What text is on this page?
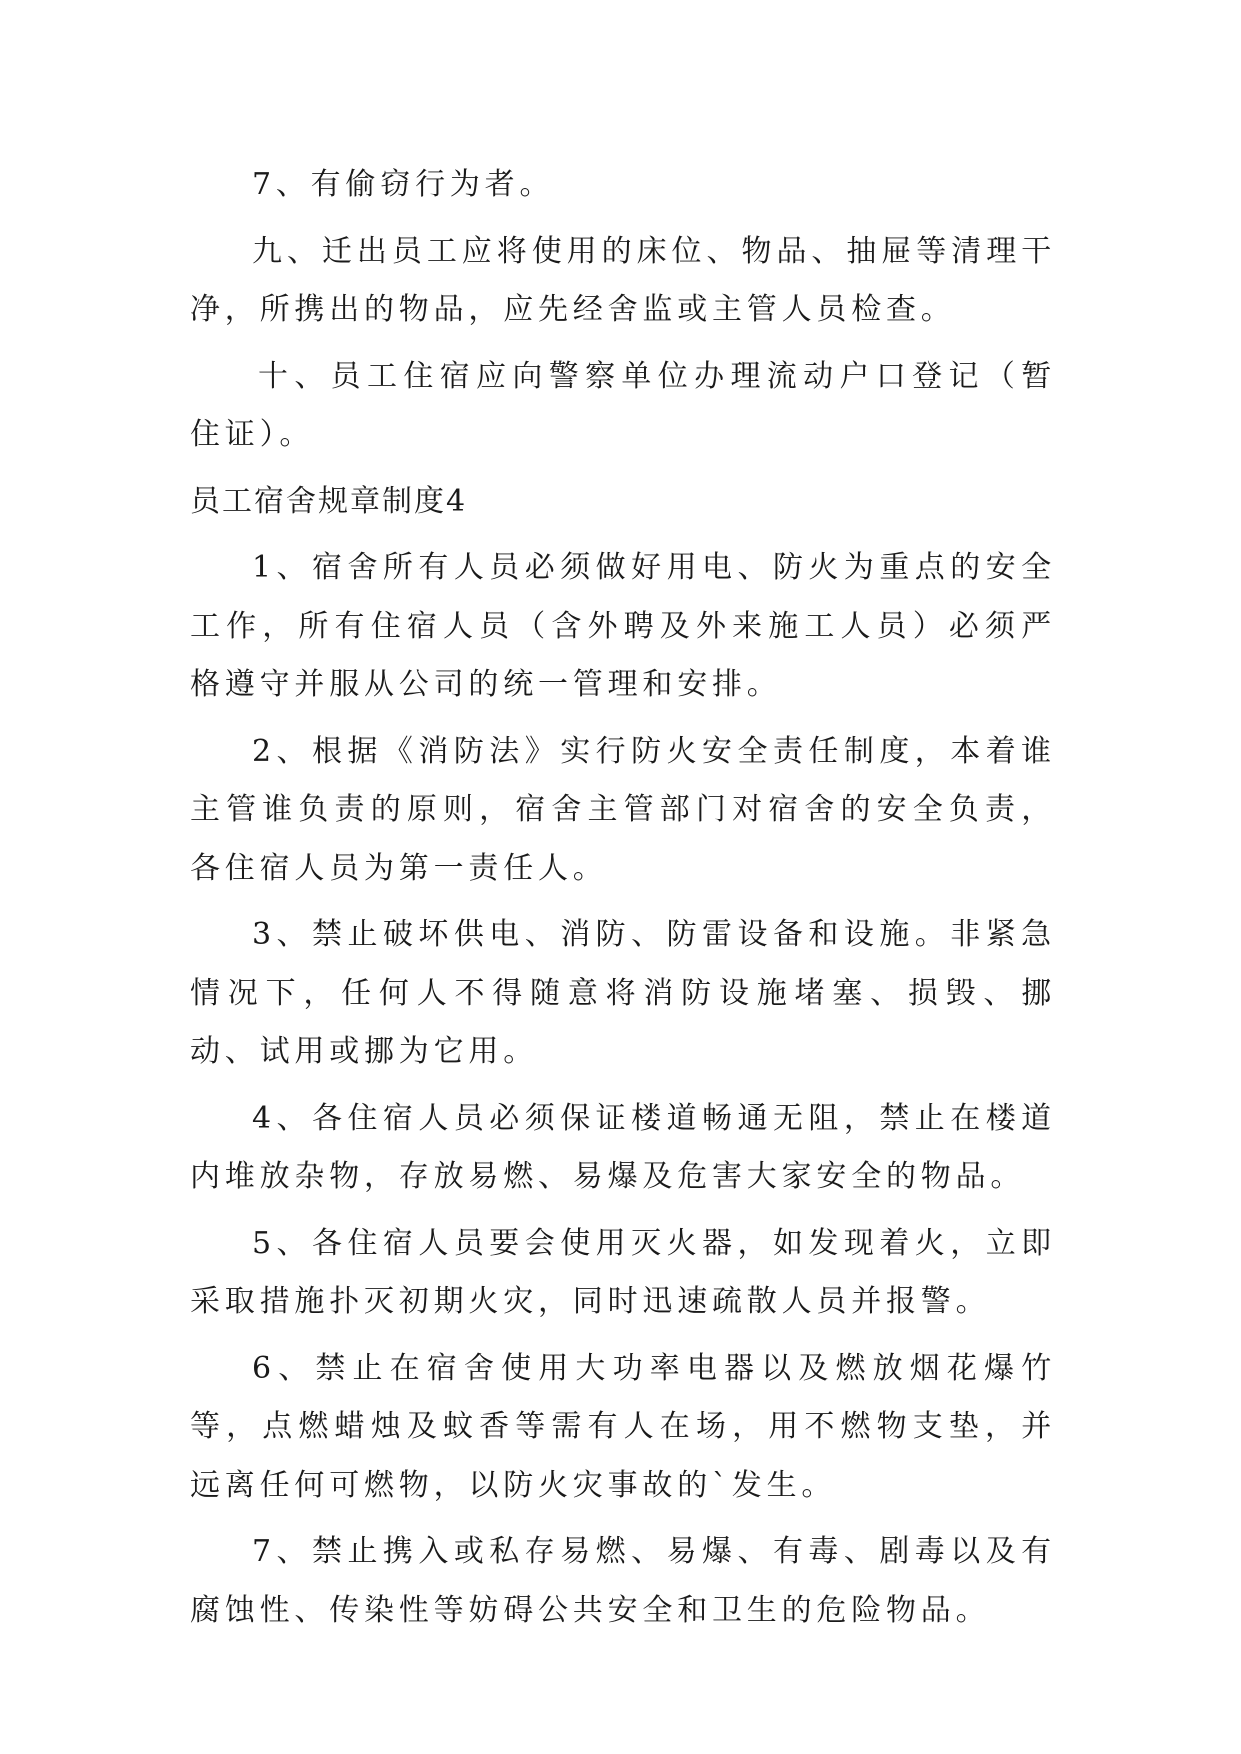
7、有偷窃行为者。

九、迁出员工应将使用的床位、物品、抽屉等清理干净，所携出的物品，应先经舍监或主管人员检查。

十、员工住宿应向警察单位办理流动户口登记（暂住证）。

员工宿舍规章制度4

1、宿舍所有人员必须做好用电、防火为重点的安全工作，所有住宿人员（含外聘及外来施工人员）必须严格遵守并服从公司的统一管理和安排。

2、根据《消防法》实行防火安全责任制度，本着谁主管谁负责的原则，宿舍主管部门对宿舍的安全负责，各住宿人员为第一责任人。

3、禁止破坏供电、消防、防雷设备和设施。非紧急情况下，任何人不得随意将消防设施堵塞、损毁、挪动、试用或挪为它用。

4、各住宿人员必须保证楼道畅通无阻，禁止在楼道内堆放杂物，存放易燃、易爆及危害大家安全的物品。

5、各住宿人员要会使用灭火器，如发现着火，立即采取措施扑灭初期火灾，同时迅速疏散人员并报警。

6、禁止在宿舍使用大功率电器以及燃放烟花爆竹等，点燃蜡烛及蚊香等需有人在场，用不燃物支垫，并远离任何可燃物，以防火灾事故的`发生。

7、禁止携入或私存易燃、易爆、有毒、剧毒以及有腐蚀性、传染性等妨碍公共安全和卫生的危险物品。
